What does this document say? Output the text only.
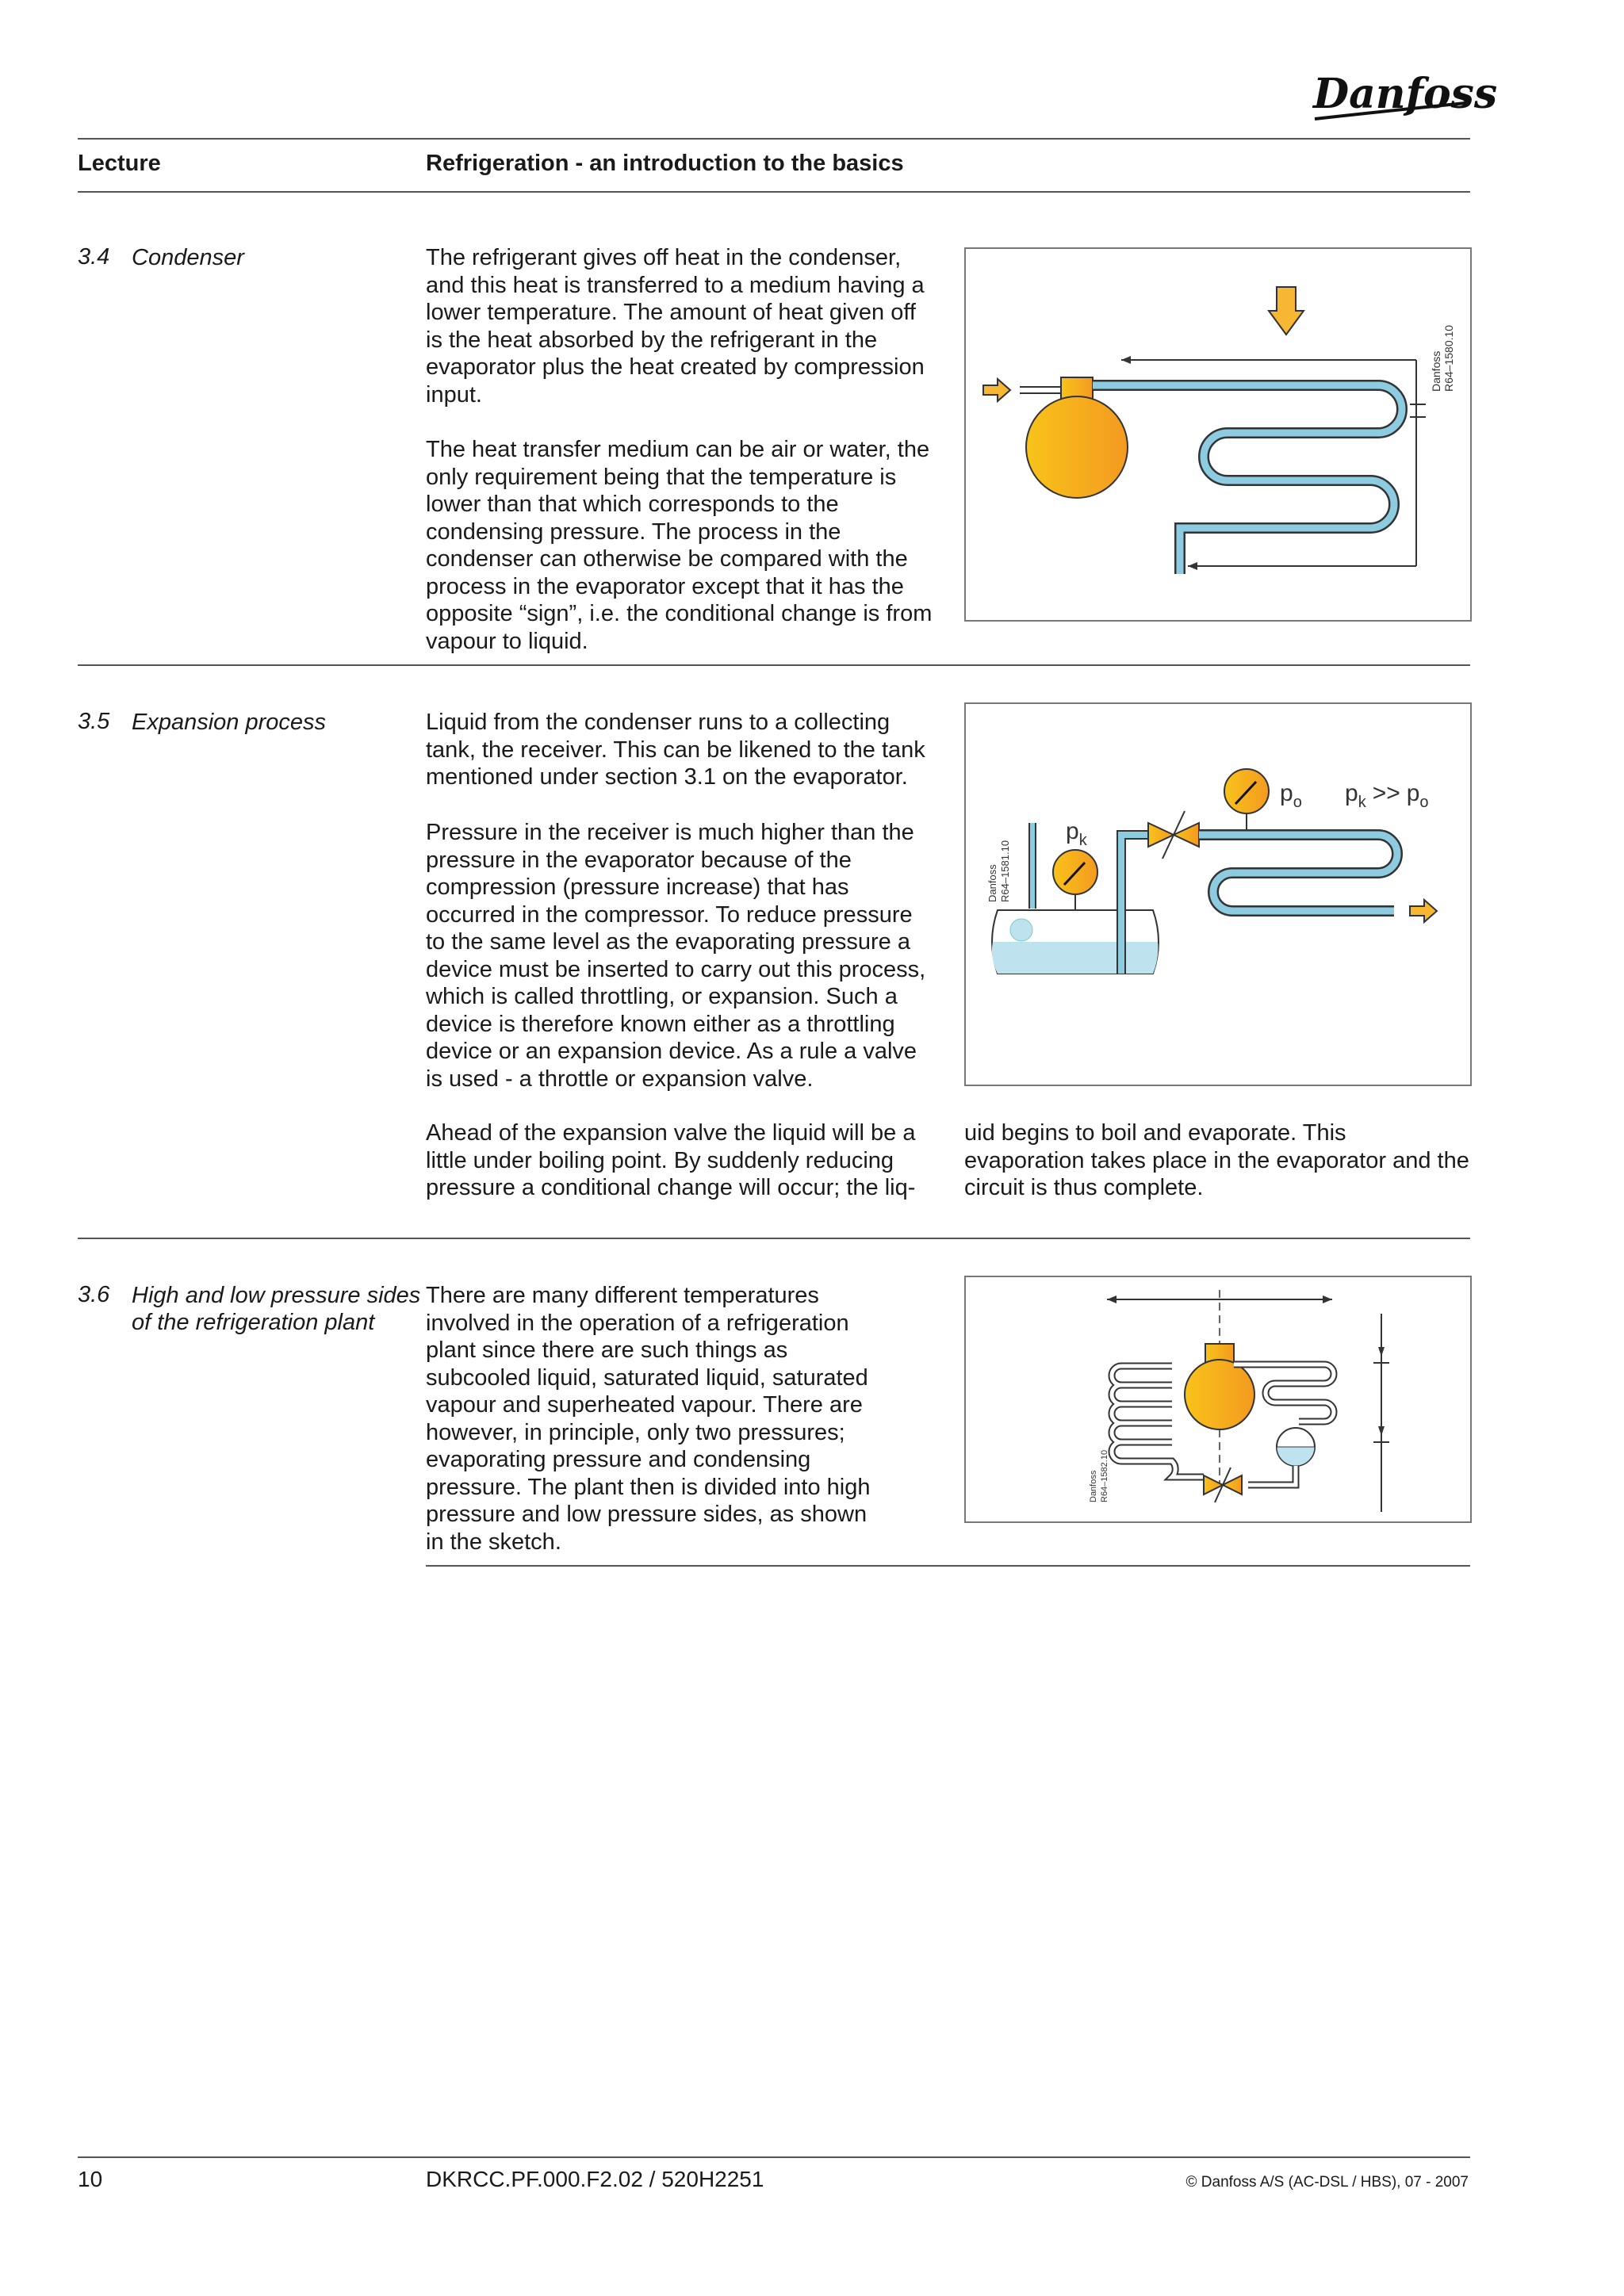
Danfoss
Lecture	Refrigeration - an introduction to the basics
3.4 Condenser	The refrigerant gives off heat in the condenser, and this heat is transferred to a medium having a lower temperature. The amount of heat given off is the heat absorbed by the refrigerant in the evaporator plus the heat created by compression input.

The heat transfer medium can be air or water, the only requirement being that the temperature is lower than that which corresponds to the condensing pressure. The process in the condenser can otherwise be compared with the process in the evaporator except that it has the opposite “sign”, i.e. the conditional change is from vapour to liquid.

Danfoss R64–1580.10
3.5 Expansion process	Liquid from the condenser runs to a collecting tank, the receiver. This can be likened to the tank mentioned under section 3.1 on the evaporator.

Pressure in the receiver is much higher than the pressure in the evaporator because of the compression (pressure increase) that has occurred in the compressor. To reduce pressure to the same level as the evaporating pressure a device must be inserted to carry out this process, which is called throttling, or expansion. Such a device is therefore known either as a throttling device or an expansion device. As a rule a valve is used - a throttle or expansion valve.

Ahead of the expansion valve the liquid will be a little under boiling point. By suddenly reducing pressure a conditional change will occur; the liq-

uid begins to boil and evaporate. This evaporation takes place in the evaporator and the circuit is thus complete.

$p_k$
$p_o$ $p_k >> p_o$
Danfoss R64–1581.10
3.6 High and low pressure sides
of the refrigeration plant

There are many different temperatures involved in the operation of a refrigeration plant since there are such things as subcooled liquid, saturated liquid, saturated vapour and superheated vapour. There are however, in principle, only two pressures; evaporating pressure and condensing pressure. The plant then is divided into high pressure and low pressure sides, as shown in the sketch.

Danfoss R64–1582.10
10	DKRCC.PF.000.F2.02 / 520H2251	© Danfoss A/S (AC-DSL / HBS), 07 - 2007
